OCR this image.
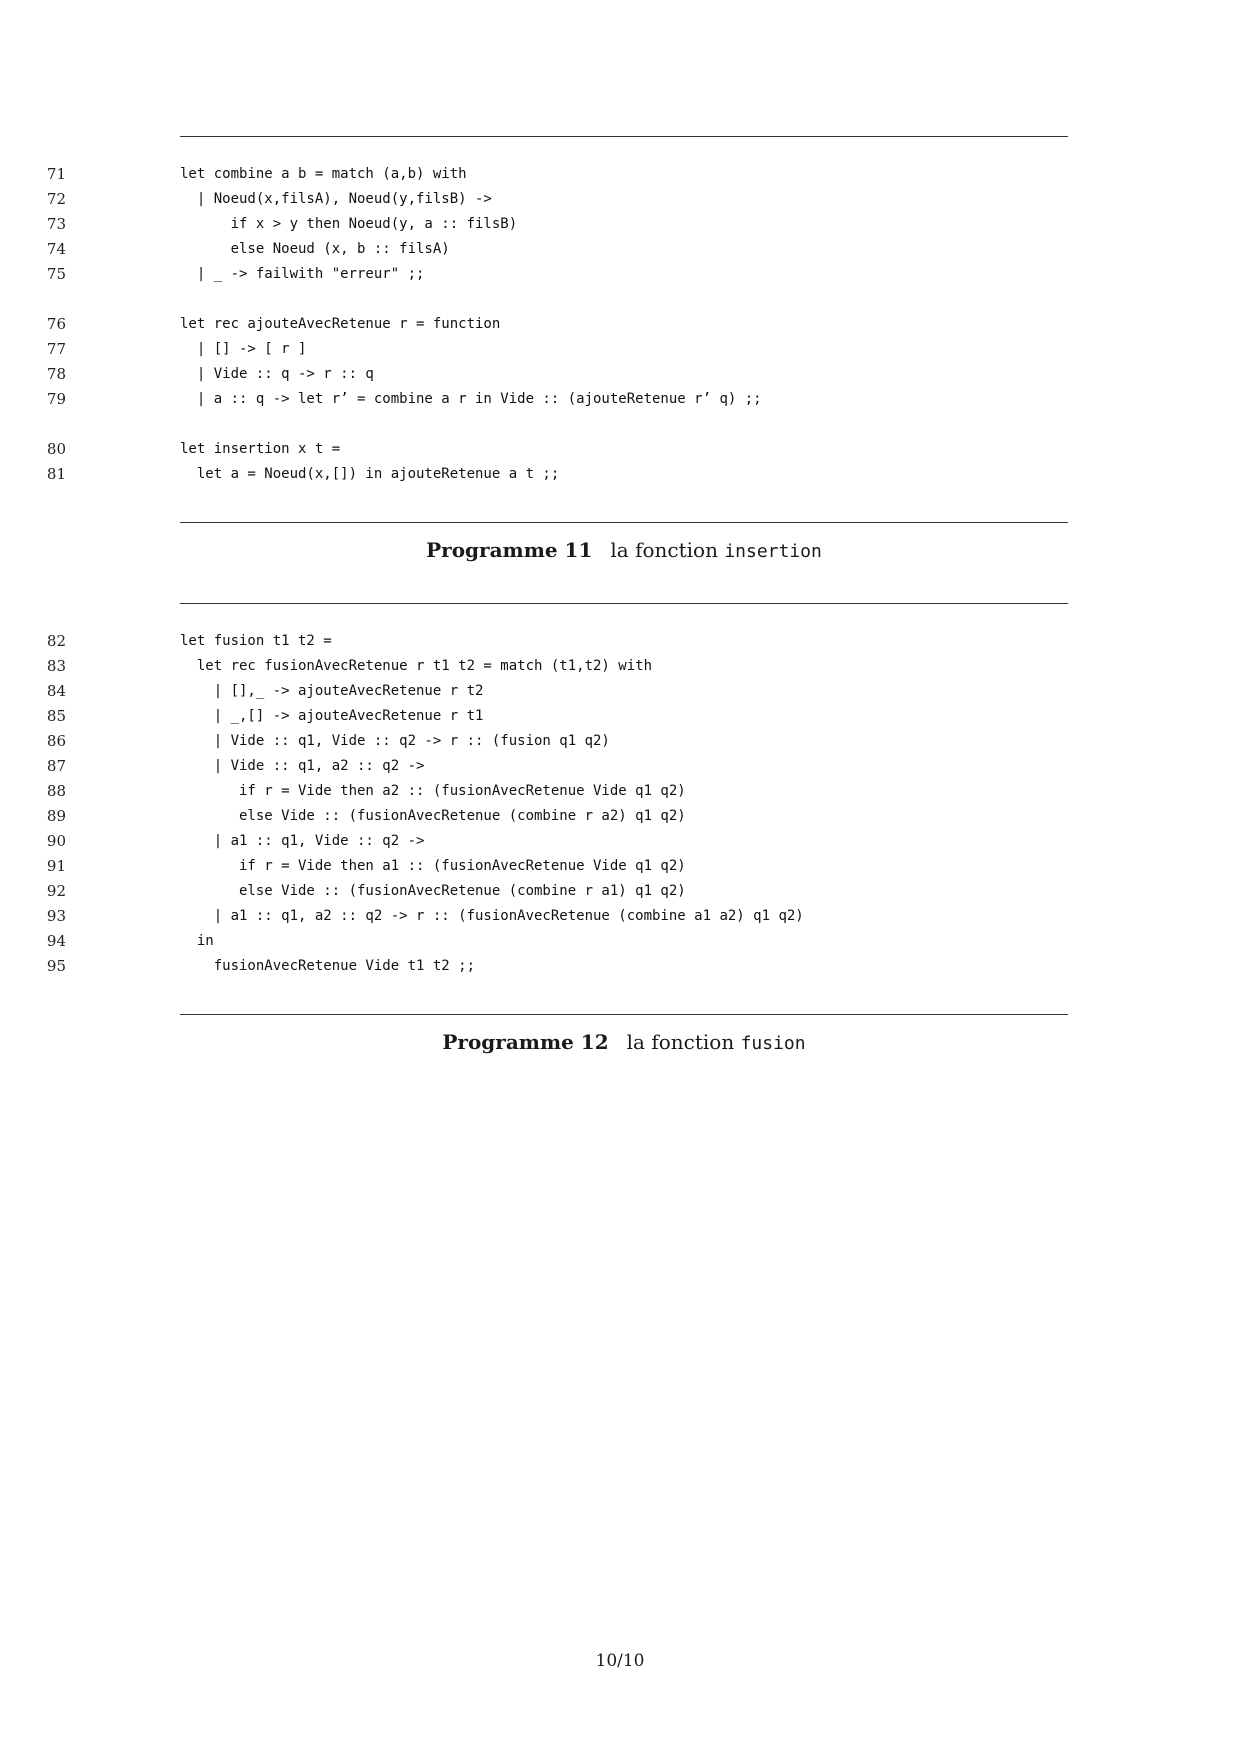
71	let combine a b = match (a,b) with
72	| Noeud(x,filsA), Noeud(y,filsB) ->
73	if x > y then Noeud(y, a :: filsB)
74	else Noeud (x, b :: filsA)
75	| _ -> failwith "erreur" ;;
76	let rec ajouteAvecRetenue r = function
77	| [] -> [ r ]
78	| Vide :: q -> r :: q
79	| a :: q -> let r’ = combine a r in Vide :: (ajouteRetenue r’ q) ;;
80	let insertion x t =
81	let a = Noeud(x,[]) in ajouteRetenue a t ;;
Programme 11 la fonction insertion
82	let fusion t1 t2 =
83	let rec fusionAvecRetenue r t1 t2 = match (t1,t2) with
84	| [],_ -> ajouteAvecRetenue r t2
85	| _,[] -> ajouteAvecRetenue r t1
86	| Vide :: q1, Vide :: q2 -> r :: (fusion q1 q2)
87	| Vide :: q1, a2 :: q2 ->
88	if r = Vide then a2 :: (fusionAvecRetenue Vide q1 q2)
89	else Vide :: (fusionAvecRetenue (combine r a2) q1 q2)
90	| a1 :: q1, Vide :: q2 ->
91	if r = Vide then a1 :: (fusionAvecRetenue Vide q1 q2)
92	else Vide :: (fusionAvecRetenue (combine r a1) q1 q2)
93	| a1 :: q1, a2 :: q2 -> r :: (fusionAvecRetenue (combine a1 a2) q1 q2)
94	in
95	fusionAvecRetenue Vide t1 t2 ;;
Programme 12 la fonction fusion
10/10
